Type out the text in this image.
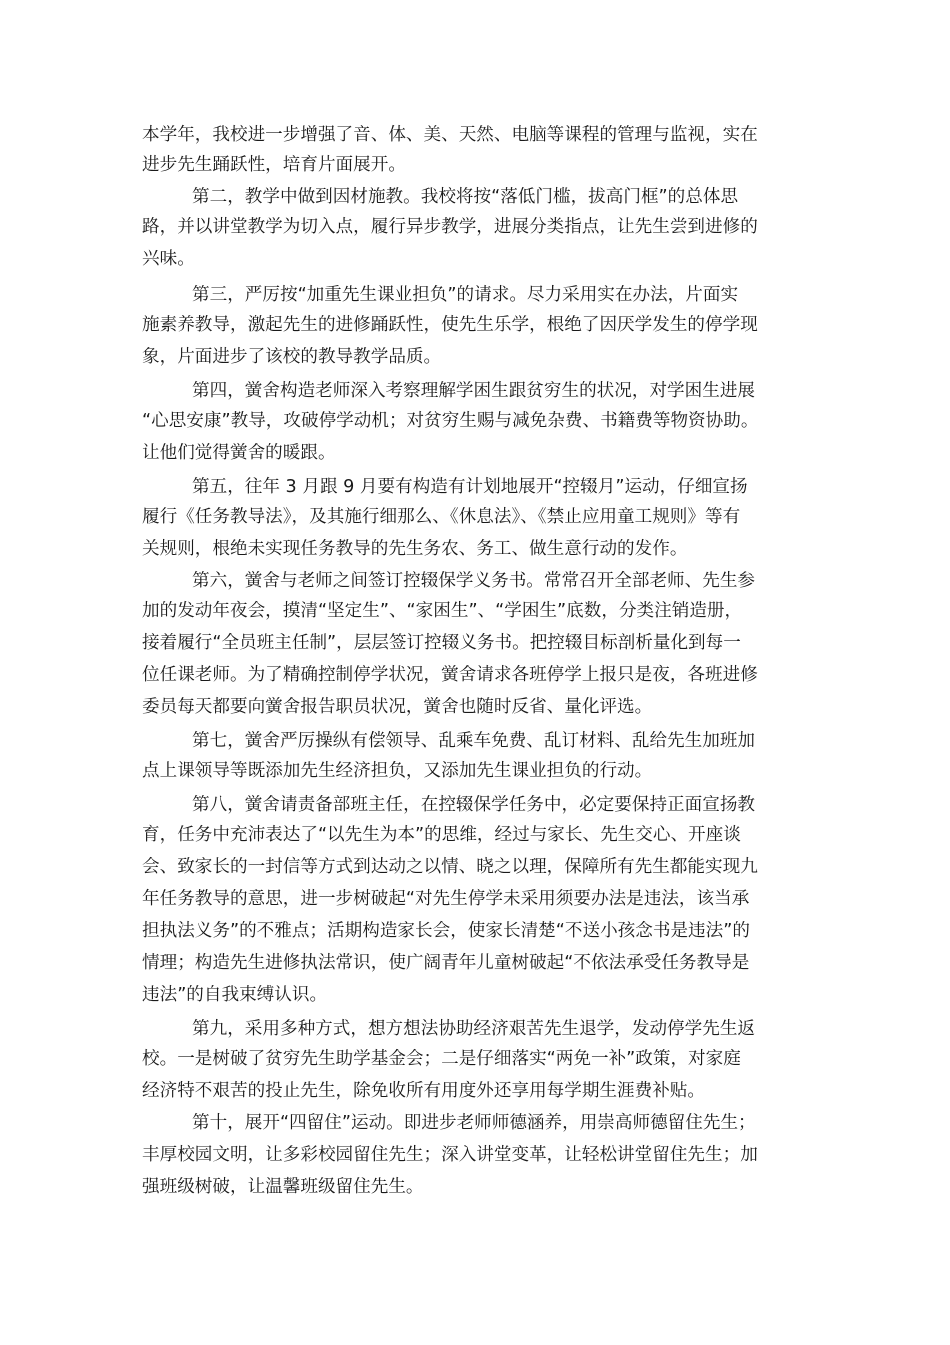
本学年，我校进一步增强了音、体、美、天然、电脑等课程的管理与监视，实在
进步先生踊跃性，培育片面展开。
第二，教学中做到因材施教。我校将按“落低门槛，拔高门框”的总体思
路，并以讲堂教学为切入点，履行异步教学，进展分类指点，让先生尝到进修的
兴味。
第三，严厉按“加重先生课业担负”的请求。尽力采用实在办法，片面实
施素养教导，激起先生的进修踊跃性，使先生乐学，根绝了因厌学发生的停学现
象，片面进步了该校的教导教学品质。
第四，黉舍构造老师深入考察理解学困生跟贫穷生的状况，对学困生进展
“心思安康”教导，攻破停学动机；对贫穷生赐与减免杂费、书籍费等物资协助。
让他们觉得黉舍的暖跟。
第五，往年 3 月跟 9 月要有构造有计划地展开“控辍月”运动，仔细宣扬
履行《任务教导法》，及其施行细那么、《休息法》、《禁止应用童工规则》等有
关规则，根绝未实现任务教导的先生务农、务工、做生意行动的发作。
第六，黉舍与老师之间签订控辍保学义务书。常常召开全部老师、先生参
加的发动年夜会，摸清“坚定生”、“家困生”、“学困生”底数，分类注销造册，
接着履行“全员班主任制”，层层签订控辍义务书。把控辍目标剖析量化到每一
位任课老师。为了精确控制停学状况，黉舍请求各班停学上报只是夜，各班进修
委员每天都要向黉舍报告职员状况，黉舍也随时反省、量化评选。
第七，黉舍严厉操纵有偿领导、乱乘车免费、乱订材料、乱给先生加班加
点上课领导等既添加先生经济担负，又添加先生课业担负的行动。
第八，黉舍请责备部班主任，在控辍保学任务中，必定要保持正面宣扬教
育，任务中充沛表达了“以先生为本”的思维，经过与家长、先生交心、开座谈
会、致家长的一封信等方式到达动之以情、晓之以理，保障所有先生都能实现九
年任务教导的意思，进一步树破起“对先生停学未采用须要办法是违法，该当承
担执法义务”的不雅点；活期构造家长会，使家长清楚“不送小孩念书是违法”的
情理；构造先生进修执法常识，使广阔青年儿童树破起“不依法承受任务教导是
违法”的自我束缚认识。
第九，采用多种方式，想方想法协助经济艰苦先生退学，发动停学先生返
校。一是树破了贫穷先生助学基金会；二是仔细落实“两免一补”政策，对家庭
经济特不艰苦的投止先生，除免收所有用度外还享用每学期生涯费补贴。
第十，展开“四留住”运动。即进步老师师德涵养，用崇高师德留住先生；
丰厚校园文明，让多彩校园留住先生；深入讲堂变革，让轻松讲堂留住先生；加
强班级树破，让温馨班级留住先生。
